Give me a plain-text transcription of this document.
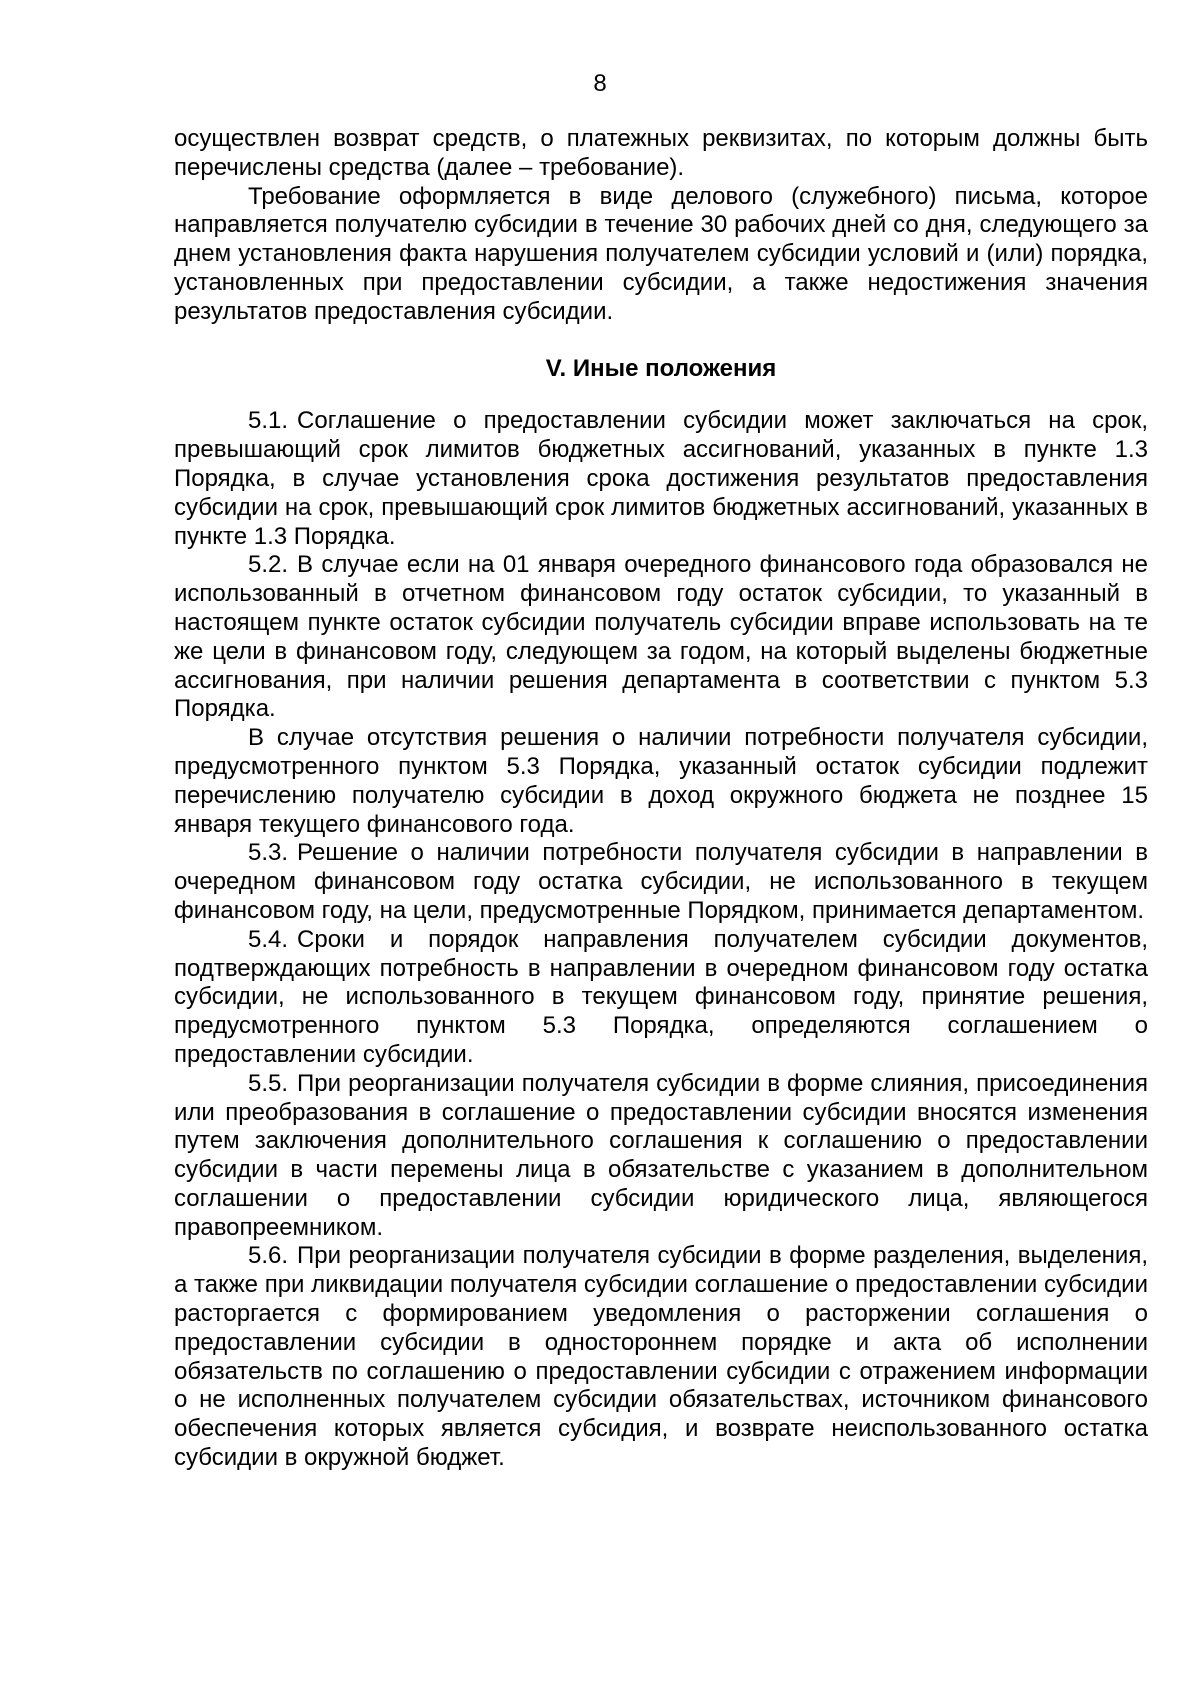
8

осуществлен возврат средств, о платежных реквизитах, по которым должны быть перечислены средства (далее – требование).

Требование оформляется в виде делового (служебного) письма, которое направляется получателю субсидии в течение 30 рабочих дней со дня, следующего за днем установления факта нарушения получателем субсидии условий и (или) порядка, установленных при предоставлении субсидии, а также недостижения значения результатов предоставления субсидии.

V. Иные положения

5.1. Соглашение о предоставлении субсидии может заключаться на срок, превышающий срок лимитов бюджетных ассигнований, указанных в пункте 1.3 Порядка, в случае установления срока достижения результатов предоставления субсидии на срок, превышающий срок лимитов бюджетных ассигнований, указанных в пункте 1.3 Порядка.

5.2. В случае если на 01 января очередного финансового года образовался не использованный в отчетном финансовом году остаток субсидии, то указанный в настоящем пункте остаток субсидии получатель субсидии вправе использовать на те же цели в финансовом году, следующем за годом, на который выделены бюджетные ассигнования, при наличии решения департамента в соответствии с пунктом 5.3 Порядка.

В случае отсутствия решения о наличии потребности получателя субсидии, предусмотренного пунктом 5.3 Порядка, указанный остаток субсидии подлежит перечислению получателю субсидии в доход окружного бюджета не позднее 15 января текущего финансового года.

5.3. Решение о наличии потребности получателя субсидии в направлении в очередном финансовом году остатка субсидии, не использованного в текущем финансовом году, на цели, предусмотренные Порядком, принимается департаментом.

5.4. Сроки и порядок направления получателем субсидии документов, подтверждающих потребность в направлении в очередном финансовом году остатка субсидии, не использованного в текущем финансовом году, принятие решения, предусмотренного пунктом 5.3 Порядка, определяются соглашением о предоставлении субсидии.

5.5. При реорганизации получателя субсидии в форме слияния, присоединения или преобразования в соглашение о предоставлении субсидии вносятся изменения путем заключения дополнительного соглашения к соглашению о предоставлении субсидии в части перемены лица в обязательстве с указанием в дополнительном соглашении о предоставлении субсидии юридического лица, являющегося правопреемником.

5.6. При реорганизации получателя субсидии в форме разделения, выделения, а также при ликвидации получателя субсидии соглашение о предоставлении субсидии расторгается с формированием уведомления о расторжении соглашения о предоставлении субсидии в одностороннем порядке и акта об исполнении обязательств по соглашению о предоставлении субсидии с отражением информации о не исполненных получателем субсидии обязательствах, источником финансового обеспечения которых является субсидия, и возврате неиспользованного остатка субсидии в окружной бюджет.
